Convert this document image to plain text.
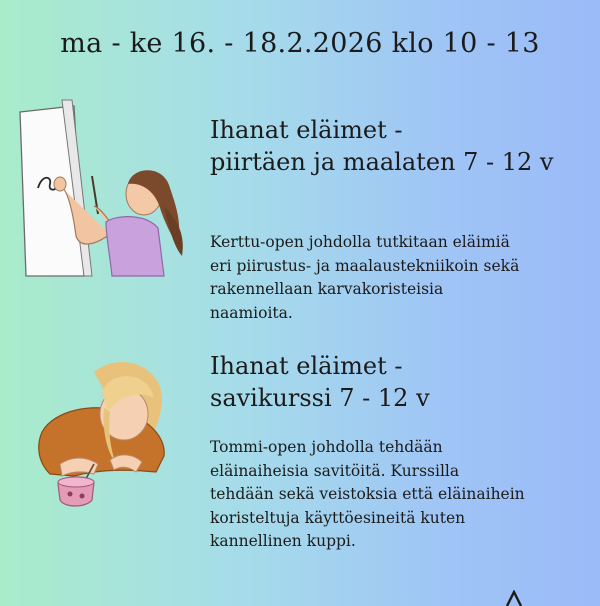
ma - ke 16. - 18.2.2026 klo 10 - 13
Ihanat eläimet -
piirtäen ja maalaten 7 - 12 v
Kerttu-open johdolla tutkitaan eläimiä
eri piirustus- ja maalaustekniikoin sekä
rakennellaan karvakoristeisia
naamioita.
Ihanat eläimet -
savikurssi 7 - 12 v
Tommi-open johdolla tehdään
eläinaiheisia savitöitä. Kurssilla
tehdään sekä veistoksia että eläinaihein
koristeltuja käyttöesineitä kuten
kannellinen kuppi.
